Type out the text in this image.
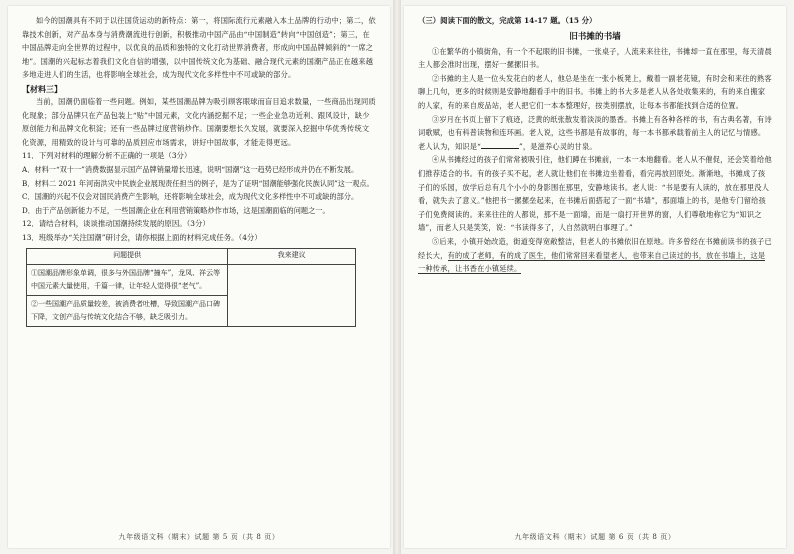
如今的国潮具有不同于以往国货运动的新特点：第一，将国际流行元素融入本土品牌的行动中；第二，依靠技术创新，对产品本身与消费潮流进行创新，积极推动中国产品由“中国制造”转向“中国创造”；第三，在中国品牌走向全世界的过程中，以优良的品质和独特的文化打动世界消费者，形成向中国品牌倾斜的“一席之地”。国潮的兴起标志着我们文化自信的增强，以中国传统文化为基础、融合现代元素的国潮产品正在越来越多地走进人们的生活，也将影响全球社会，成为现代文化多样性中不可或缺的部分。

【材料三】

当前，国潮仍面临着一些问题。例如，某些国潮品牌为吸引顾客眼球而盲目追求数量，一些商品出现同质化现象；部分品牌只在产品包装上“贴”中国元素，文化内涵挖掘不足；一些企业急功近利、跟风设计，缺少原创能力和品牌文化积淀；还有一些品牌过度营销炒作。国潮要想长久发展，就要深入挖掘中华优秀传统文化资源，用精致的设计与可靠的品质回应市场需求，讲好中国故事，才能走得更远。

11．下列对材料的理解分析不正确的一项是（3分）

A．材料一“双十一”消费数据显示国产品牌销量增长迅速，说明“国潮”这一趋势已经形成并仍在不断发展。

B．材料二 2021 年河南洪灾中民族企业展现责任担当的例子，是为了证明“国潮能够强化民族认同”这一观点。

C．国潮的兴起不仅会对国民消费产生影响，还将影响全球社会，成为现代文化多样性中不可或缺的部分。

D．由于产品创新能力不足，一些国潮企业在利用营销策略炒作市场，这是国潮面临的问题之一。

12．请结合材料，谈谈推动国潮持续发展的原因。（3分）

13．班级举办“关注国潮”研讨会，请你根据上面的材料完成任务。（4分）

问题提供	我来建议
①国潮品牌形象单调，很多与外国品牌“撞车”，龙凤、祥云等中国元素大量使用，千篇一律，让年轻人觉得很“老气”。	
②一些国潮产品质量较差，被消费者吐槽，导致国潮产品口碑下降，文创产品与传统文化结合不够，缺乏吸引力。	
九年级语文科（期末）试题 第 5 页（共 8 页）

（三）阅读下面的散文，完成第 14-17 题。（15 分）

旧书摊的书墙

①在繁华的小镇街角，有一个不起眼的旧书摊，一张桌子，人流来来往往，书摊却一直在那里，每天清晨主人都会准时出现，摆好一摞摞旧书。

②书摊的主人是一位头发花白的老人，他总是坐在一张小板凳上，戴着一副老花镜，有时会和来往的熟客聊上几句，更多的时候则是安静地翻看手中的旧书。书摊上的书大多是老人从各处收集来的，有的来自搬家的人家，有的来自废品站，老人把它们一本本整理好，按类别摆放，让每本书都能找到合适的位置。

③岁月在书页上留下了痕迹，泛黄的纸张散发着淡淡的墨香。书摊上有各种各样的书，有古典名著，有诗词歌赋，也有科普读物和连环画。老人说，这些书都是有故事的，每一本书都承载着前主人的记忆与情感。老人认为，知识是“	”，是滋养心灵的甘泉。

④从书摊经过的孩子们常常被吸引住，他们蹲在书摊前，一本一本地翻看。老人从不催促，还会笑着给他们推荐适合的书。有的孩子买不起，老人就让他们在书摊边坐着看，看完再放回原处。渐渐地，书摊成了孩子们的乐园，放学后总有几个小小的身影围在那里，安静地读书。老人说：“书是要有人读的，放在那里没人看，就失去了意义。”他把书一摞摞垒起来，在书摊后面搭起了一面“书墙”，那面墙上的书，是他专门留给孩子们免费阅读的。来来往往的人都说，那不是一面墙，而是一扇打开世界的窗，人们尊敬地称它为“知识之墙”，而老人只是笑笑，说：“书读得多了，人自然就明白事理了。”

⑤后来，小镇开始改造，街道变得宽敞整洁，但老人的书摊依旧在原地。许多曾经在书摊前读书的孩子已经长大，有的成了老师，有的成了医生，他们常常回来看望老人，也带来自己读过的书，放在书墙上，这是一种传承，让书香在小镇延续。

九年级语文科（期末）试题 第 6 页（共 8 页）
